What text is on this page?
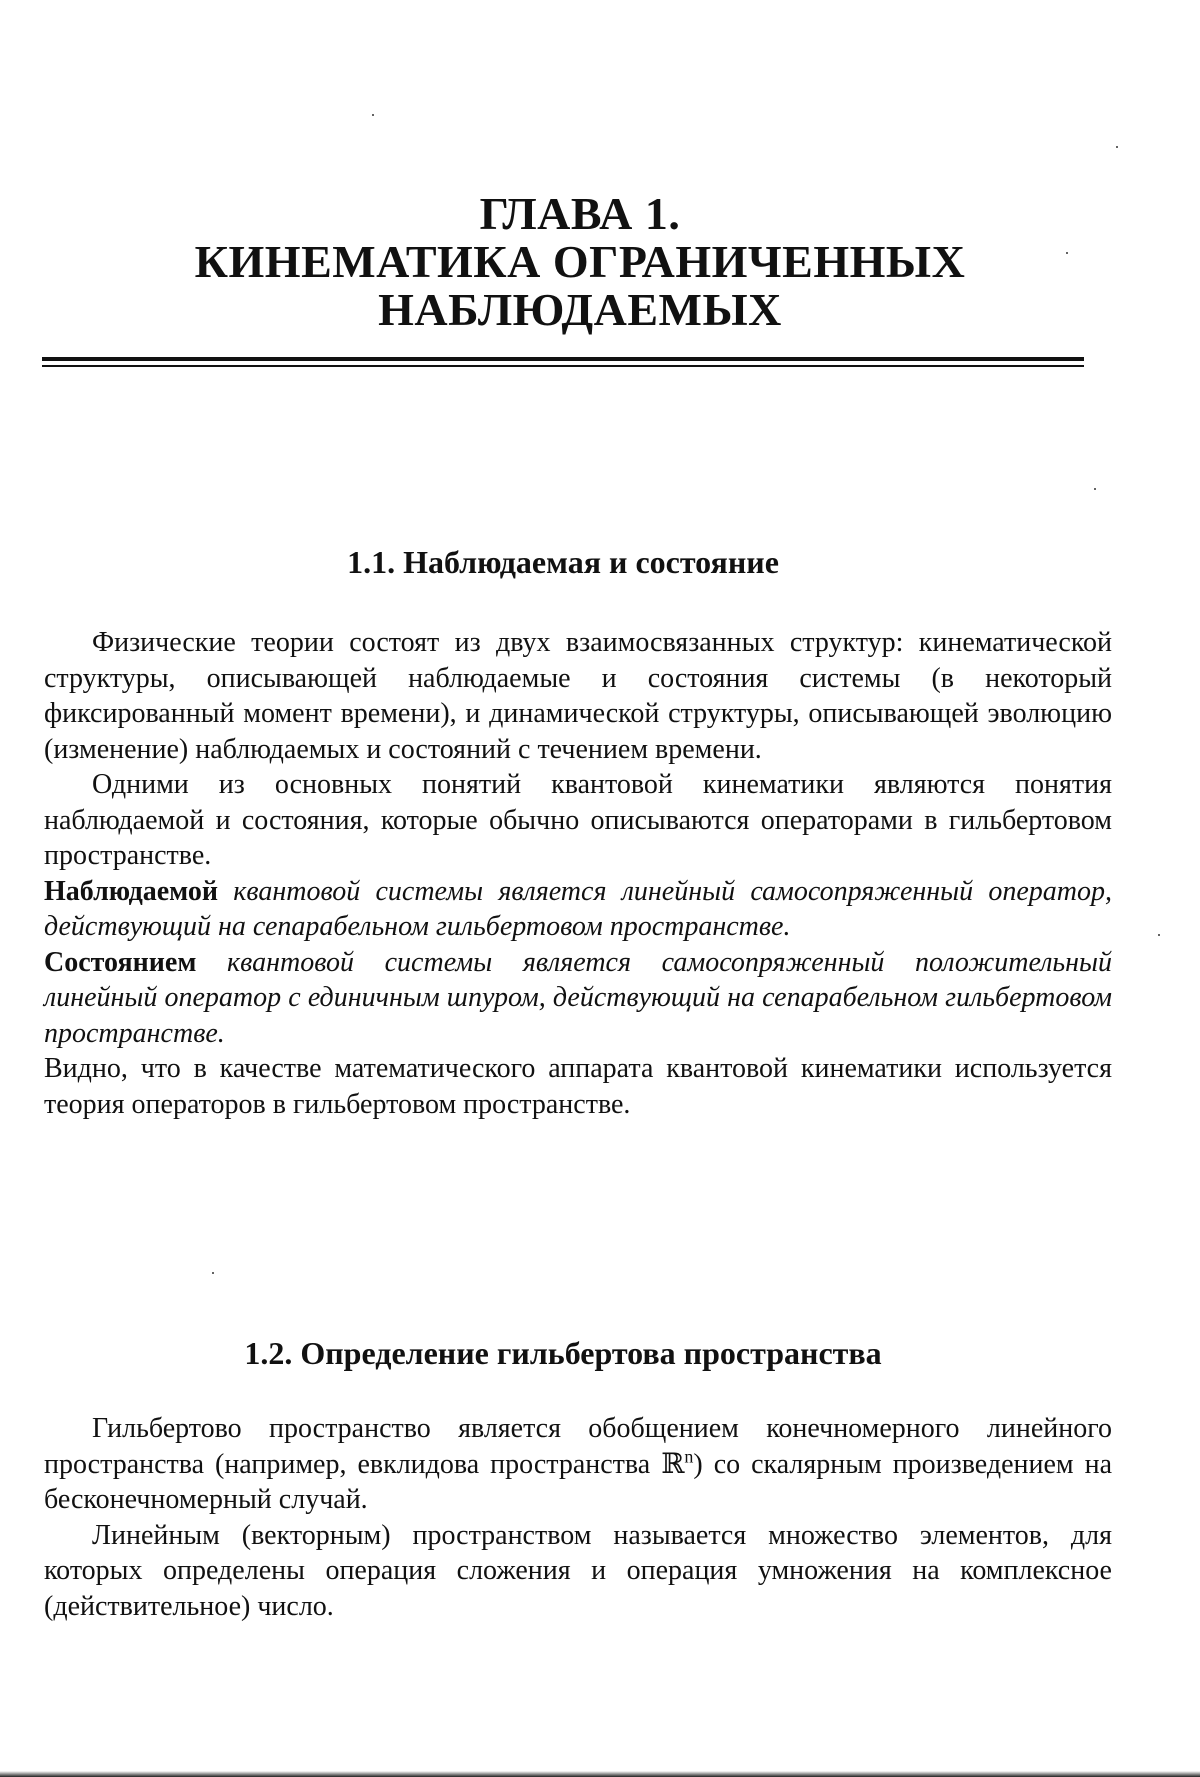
ГЛАВА 1.
КИНЕМАТИКА ОГРАНИЧЕННЫХ
НАБЛЮДАЕМЫХ
1.1. Наблюдаемая и состояние

Физические теории состоят из двух взаимосвязанных структур: кинематической структуры, описывающей наблюдаемые и состояния системы (в некоторый фиксированный момент времени), и динамической структуры, описывающей эволюцию (изменение) наблюдаемых и состояний с течением времени.

Одними из основных понятий квантовой кинематики являются понятия наблюдаемой и состояния, которые обычно описываются операторами в гильбертовом пространстве.

Наблюдаемой квантовой системы является линейный самосопряженный оператор, действующий на сепарабельном гильбертовом пространстве.

Состоянием квантовой системы является самосопряженный положительный линейный оператор с единичным шпуром, действующий на сепарабельном гильбертовом пространстве.

Видно, что в качестве математического аппарата квантовой кинематики используется теория операторов в гильбертовом пространстве.

1.2. Определение гильбертова пространства

Гильбертово пространство является обобщением конечномерного линейного пространства (например, евклидова пространства ℝ$^n$) со скалярным произведением на бесконечномерный случай.

Линейным (векторным) пространством называется множество элементов, для которых определены операция сложения и операция умножения на комплексное (действительное) число.
